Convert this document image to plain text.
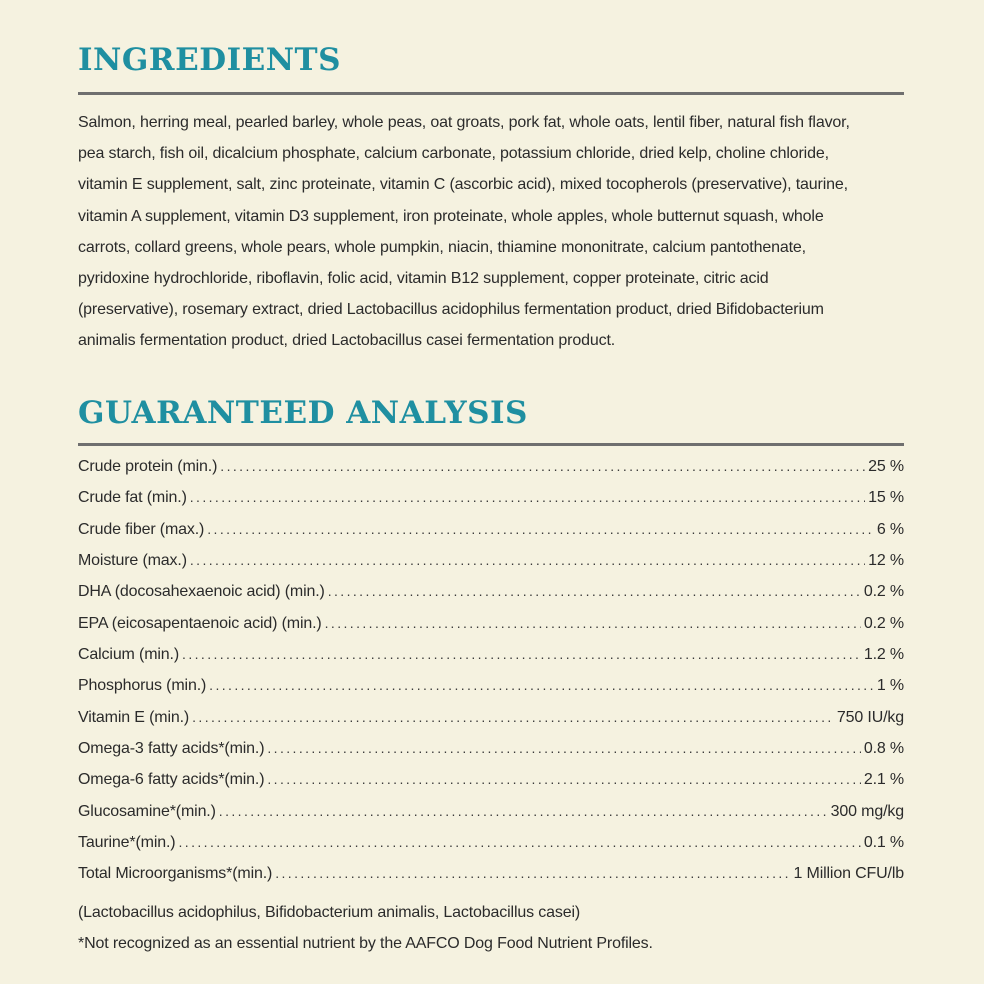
INGREDIENTS
Salmon, herring meal, pearled barley, whole peas, oat groats, pork fat, whole oats, lentil fiber, natural fish flavor,
pea starch, fish oil, dicalcium phosphate, calcium carbonate, potassium chloride, dried kelp, choline chloride,
vitamin E supplement, salt, zinc proteinate, vitamin C (ascorbic acid), mixed tocopherols (preservative), taurine,
vitamin A supplement, vitamin D3 supplement, iron proteinate, whole apples, whole butternut squash, whole
carrots, collard greens, whole pears, whole pumpkin, niacin, thiamine mononitrate, calcium pantothenate,
pyridoxine hydrochloride, riboflavin, folic acid, vitamin B12 supplement, copper proteinate, citric acid
(preservative), rosemary extract, dried Lactobacillus acidophilus fermentation product, dried Bifidobacterium
animalis fermentation product, dried Lactobacillus casei fermentation product.
GUARANTEED ANALYSIS
Crude protein (min.) .....	25 %
Crude fat (min.) .....	15 %
Crude fiber (max.) .....	6 %
Moisture (max.) .....	12 %
DHA (docosahexaenoic acid) (min.) .....	0.2 %
EPA (eicosapentaenoic acid) (min.) .....	0.2 %
Calcium (min.) .....	1.2 %
Phosphorus (min.) .....	1 %
Vitamin E (min.) .....	750 IU/kg
Omega-3 fatty acids*(min.) .....	0.8 %
Omega-6 fatty acids*(min.) .....	2.1 %
Glucosamine*(min.) .....	300 mg/kg
Taurine*(min.) .....	0.1 %
Total Microorganisms*(min.) .....	1 Million CFU/lb
(Lactobacillus acidophilus, Bifidobacterium animalis, Lactobacillus casei)
*Not recognized as an essential nutrient by the AAFCO Dog Food Nutrient Profiles.
